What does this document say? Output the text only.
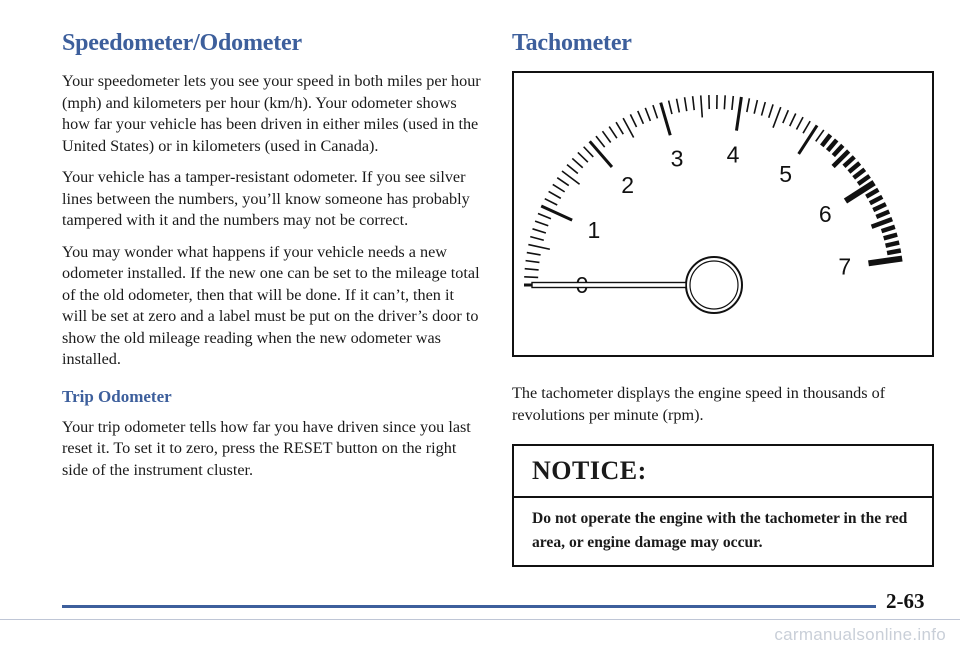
Speedometer/Odometer

Your speedometer lets you see your speed in both miles per hour (mph) and kilometers per hour (km/h). Your odometer shows how far your vehicle has been driven in either miles (used in the United States) or in kilometers (used in Canada).

Your vehicle has a tamper-resistant odometer. If you see silver lines between the numbers, you’ll know someone has probably tampered with it and the numbers may not be correct.

You may wonder what happens if your vehicle needs a new odometer installed. If the new one can be set to the mileage total of the old odometer, then that will be done. If it can’t, then it will be set at zero and a label must be put on the driver’s door to show the old mileage reading when the new odometer was installed.

Trip Odometer

Your trip odometer tells how far you have driven since you last reset it. To set it to zero, press the RESET button on the right side of the instrument cluster.

Tachometer
1
2
3 4
5
6
7

The tachometer displays the engine speed in thousands of revolutions per minute (rpm).

NOTICE:
Do not operate the engine with the tachometer in the red area, or engine damage may occur.
2-63
carmanualsonline.info
